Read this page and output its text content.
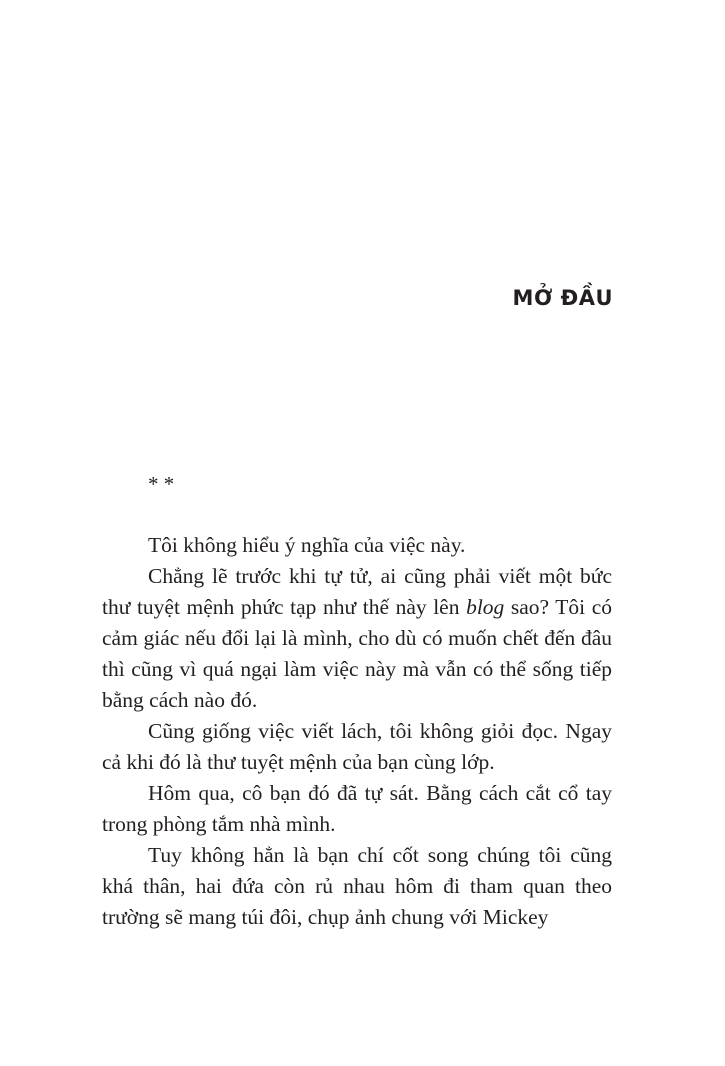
MỞ ĐẦU
* *

Tôi không hiểu ý nghĩa của việc này.

Chẳng lẽ trước khi tự tử, ai cũng phải viết một bức thư tuyệt mệnh phức tạp như thế này lên blog sao? Tôi có cảm giác nếu đổi lại là mình, cho dù có muốn chết đến đâu thì cũng vì quá ngại làm việc này mà vẫn có thể sống tiếp bằng cách nào đó.

Cũng giống việc viết lách, tôi không giỏi đọc. Ngay cả khi đó là thư tuyệt mệnh của bạn cùng lớp.

Hôm qua, cô bạn đó đã tự sát. Bằng cách cắt cổ tay trong phòng tắm nhà mình.

Tuy không hẳn là bạn chí cốt song chúng tôi cũng khá thân, hai đứa còn rủ nhau hôm đi tham quan theo trường sẽ mang túi đôi, chụp ảnh chung với Mickey
